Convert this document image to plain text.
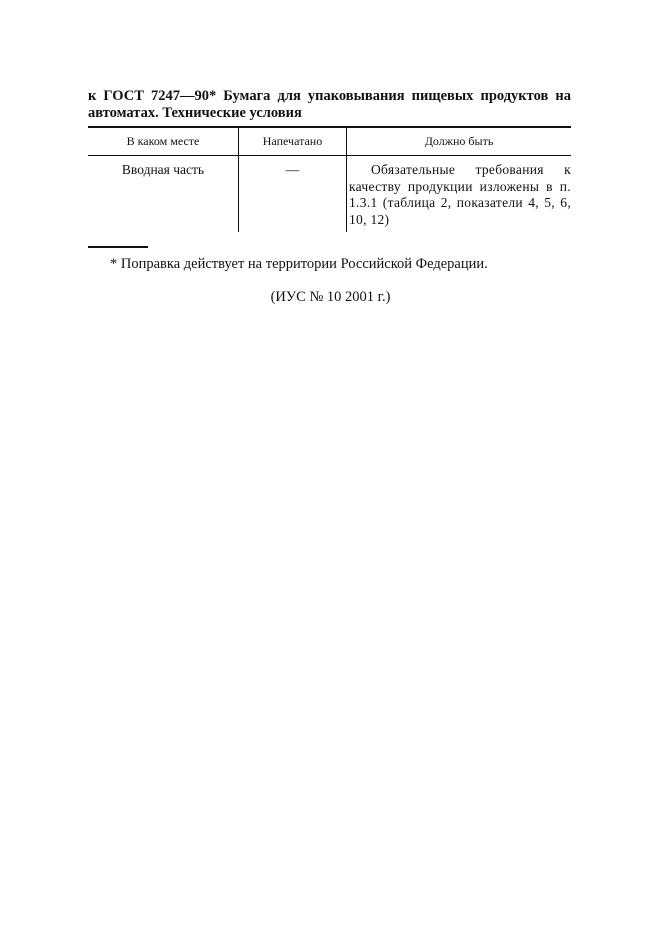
к ГОСТ 7247—90* Бумага для упаковывания пищевых продуктов на
автоматах. Технические условия
В каком месте	Напечатано	Должно быть
Вводная часть	—	Обязательные требования к качеству продукции изложены в п. 1.3.1 (таблица 2, показатели 4, 5, 6, 10, 12)
* Поправка действует на территории Российской Федерации.
(ИУС № 10 2001 г.)
